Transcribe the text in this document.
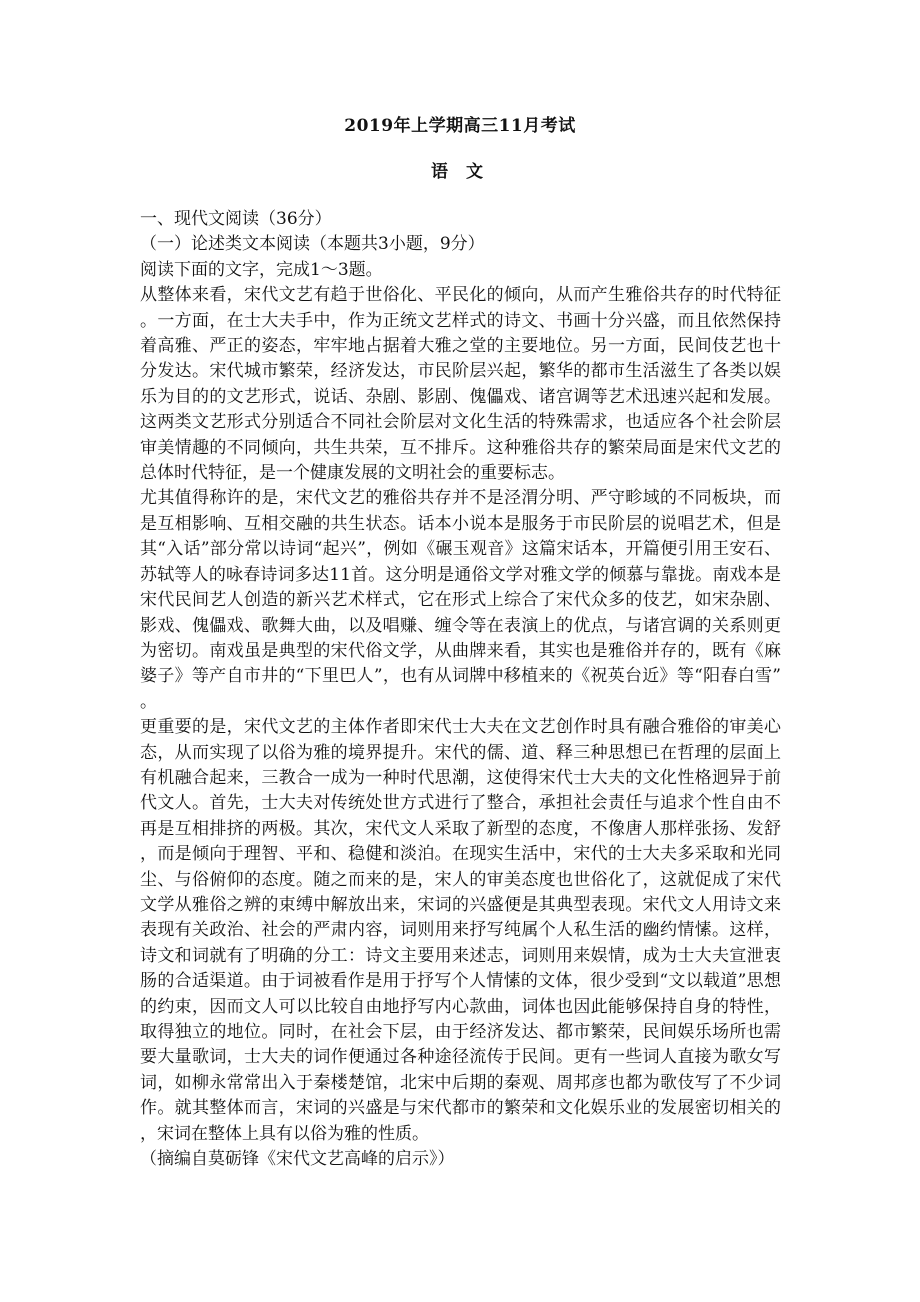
2019年上学期高三11月考试
语 文

一、现代文阅读（36分）

（一）论述类文本阅读（本题共3小题，9分）

阅读下面的文字，完成1～3题。

从整体来看，宋代文艺有趋于世俗化、平民化的倾向，从而产生雅俗共存的时代特征。一方面，在士大夫手中，作为正统文艺样式的诗文、书画十分兴盛，而且依然保持着高雅、严正的姿态，牢牢地占据着大雅之堂的主要地位。另一方面，民间伎艺也十分发达。宋代城市繁荣，经济发达，市民阶层兴起，繁华的都市生活滋生了各类以娱乐为目的的文艺形式，说话、杂剧、影剧、傀儡戏、诸宫调等艺术迅速兴起和发展。这两类文艺形式分别适合不同社会阶层对文化生活的特殊需求，也适应各个社会阶层审美情趣的不同倾向，共生共荣，互不排斥。这种雅俗共存的繁荣局面是宋代文艺的总体时代特征，是一个健康发展的文明社会的重要标志。

尤其值得称许的是，宋代文艺的雅俗共存并不是泾渭分明、严守畛域的不同板块，而是互相影响、互相交融的共生状态。话本小说本是服务于市民阶层的说唱艺术，但是其“入话”部分常以诗词“起兴”，例如《碾玉观音》这篇宋话本，开篇便引用王安石、苏轼等人的咏春诗词多达11首。这分明是通俗文学对雅文学的倾慕与靠拢。南戏本是宋代民间艺人创造的新兴艺术样式，它在形式上综合了宋代众多的伎艺，如宋杂剧、影戏、傀儡戏、歌舞大曲，以及唱赚、缠令等在表演上的优点，与诸宫调的关系则更为密切。南戏虽是典型的宋代俗文学，从曲牌来看，其实也是雅俗并存的，既有《麻婆子》等产自市井的“下里巴人”，也有从词牌中移植来的《祝英台近》等“阳春白雪”。

更重要的是，宋代文艺的主体作者即宋代士大夫在文艺创作时具有融合雅俗的审美心态，从而实现了以俗为雅的境界提升。宋代的儒、道、释三种思想已在哲理的层面上有机融合起来，三教合一成为一种时代思潮，这使得宋代士大夫的文化性格迥异于前代文人。首先，士大夫对传统处世方式进行了整合，承担社会责任与追求个性自由不再是互相排挤的两极。其次，宋代文人采取了新型的态度，不像唐人那样张扬、发舒，而是倾向于理智、平和、稳健和淡泊。在现实生活中，宋代的士大夫多采取和光同尘、与俗俯仰的态度。随之而来的是，宋人的审美态度也世俗化了，这就促成了宋代文学从雅俗之辨的束缚中解放出来，宋词的兴盛便是其典型表现。宋代文人用诗文来表现有关政治、社会的严肃内容，词则用来抒写纯属个人私生活的幽约情愫。这样，诗文和词就有了明确的分工：诗文主要用来述志，词则用来娱情，成为士大夫宣泄衷肠的合适渠道。由于词被看作是用于抒写个人情愫的文体，很少受到“文以载道”思想的约束，因而文人可以比较自由地抒写内心款曲，词体也因此能够保持自身的特性，取得独立的地位。同时，在社会下层，由于经济发达、都市繁荣，民间娱乐场所也需要大量歌词，士大夫的词作便通过各种途径流传于民间。更有一些词人直接为歌女写词，如柳永常常出入于秦楼楚馆，北宋中后期的秦观、周邦彦也都为歌伎写了不少词作。就其整体而言，宋词的兴盛是与宋代都市的繁荣和文化娱乐业的发展密切相关的，宋词在整体上具有以俗为雅的性质。

（摘编自莫砺锋《宋代文艺高峰的启示》）
